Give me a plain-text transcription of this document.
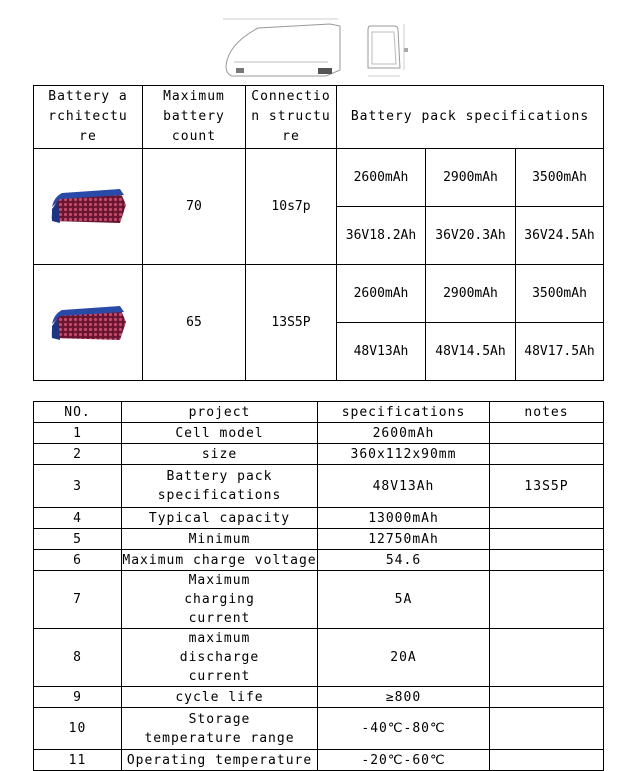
Battery architecture	Maximum battery count	Connection structure	Battery pack specifications		

	70	10s7p	2600mAh	2900mAh	3500mAh
			36V18.2Ah	36V20.3Ah	36V24.5Ah

	65	13S5P	2600mAh	2900mAh	3500mAh
			48V13Ah	48V14.5Ah	48V17.5Ah
NO.	project	specifications	notes
1	Cell model	2600mAh	
2	size	360x112x90mm	
3	Battery pack specifications	48V13Ah	13S5P
4	Typical capacity	13000mAh	
5	Minimum	12750mAh	
6	Maximum charge voltage	54.6	
7	Maximum charging current	5A	
8	maximum discharge current	20A	
9	cycle life	≥800	
10	Storage temperature range	-40℃-80℃	
11	Operating temperature	-20℃-60℃	
